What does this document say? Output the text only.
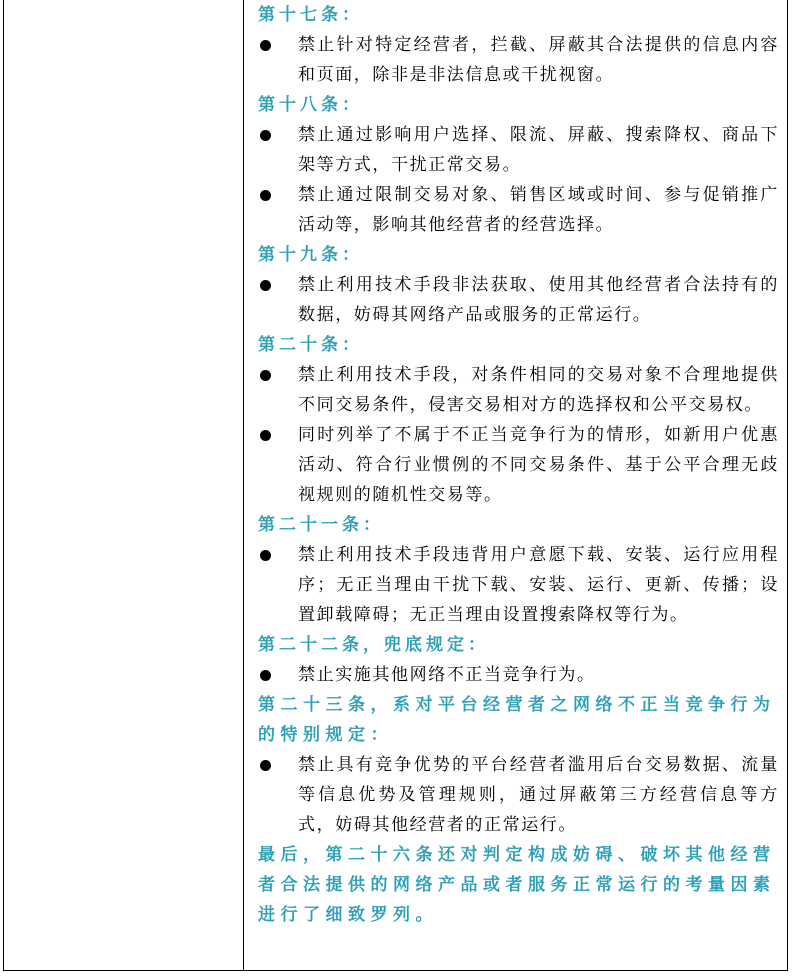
第十七条：

禁止针对特定经营者，拦截、屏蔽其合法提供的信息内容和页面，除非是非法信息或干扰视窗。

第十八条：

禁止通过影响用户选择、限流、屏蔽、搜索降权、商品下架等方式，干扰正常交易。

禁止通过限制交易对象、销售区域或时间、参与促销推广活动等，影响其他经营者的经营选择。

第十九条：

禁止利用技术手段非法获取、使用其他经营者合法持有的数据，妨碍其网络产品或服务的正常运行。

第二十条：

禁止利用技术手段，对条件相同的交易对象不合理地提供不同交易条件，侵害交易相对方的选择权和公平交易权。

同时列举了不属于不正当竞争行为的情形，如新用户优惠活动、符合行业惯例的不同交易条件、基于公平合理无歧视规则的随机性交易等。

第二十一条：

禁止利用技术手段违背用户意愿下载、安装、运行应用程序；无正当理由干扰下载、安装、运行、更新、传播；设置卸载障碍；无正当理由设置搜索降权等行为。

第二十二条，兜底规定：

禁止实施其他网络不正当竞争行为。

第二十三条，系对平台经营者之网络不正当竞争行为的特别规定：

禁止具有竞争优势的平台经营者滥用后台交易数据、流量等信息优势及管理规则，通过屏蔽第三方经营信息等方式，妨碍其他经营者的正常运行。

最后，第二十六条还对判定构成妨碍、破坏其他经营者合法提供的网络产品或者服务正常运行的考量因素进行了细致罗列。
